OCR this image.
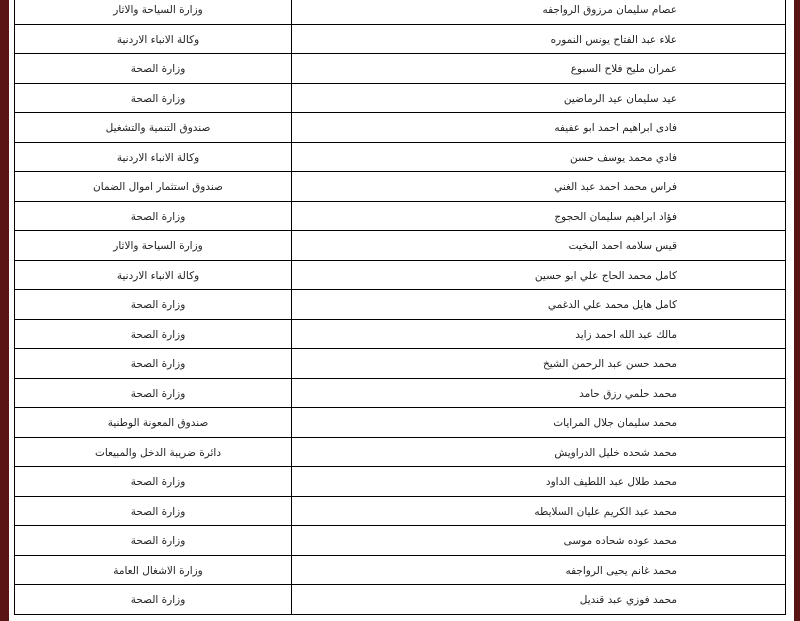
عصام سليمان مرزوق الرواجفه	وزارة السياحة والاثار
علاء عبد الفتاح يونس النموره	وكالة الانباء الاردنية
عمران مليح فلاح السبوع	وزارة الصحة
عيد سليمان عيد الرماضين	وزارة الصحة
فادى ابراهيم احمد ابو عفيفه	صندوق التنمية والتشغيل
فادي محمد يوسف حسن	وكالة الانباء الاردنية
فراس محمد احمد عبد الغني	صندوق استثمار اموال الضمان
فؤاد ابراهيم سليمان الحجوج	وزارة الصحة
قيس سلامه احمد البخيت	وزارة السياحة والاثار
كامل محمد الحاج علي ابو حسين	وكالة الانباء الاردنية
كامل هايل محمد علي الدغمي	وزارة الصحة
مالك عبد الله احمد زايد	وزارة الصحة
محمد حسن عبد الرحمن الشيخ	وزارة الصحة
محمد حلمي رزق حامد	وزارة الصحة
محمد سليمان جلال المرايات	صندوق المعونة الوطنية
محمد شحده خليل الدراويش	دائرة ضريبة الدخل والمبيعات
محمد طلال عبد اللطيف الداود	وزارة الصحة
محمد عبد الكريم عليان السلايطه	وزارة الصحة
محمد عوده شحاده موسى	وزارة الصحة
محمد غانم يحيى الرواجفه	وزارة الاشغال العامة
محمد فوزي عبد قنديل	وزارة الصحة
